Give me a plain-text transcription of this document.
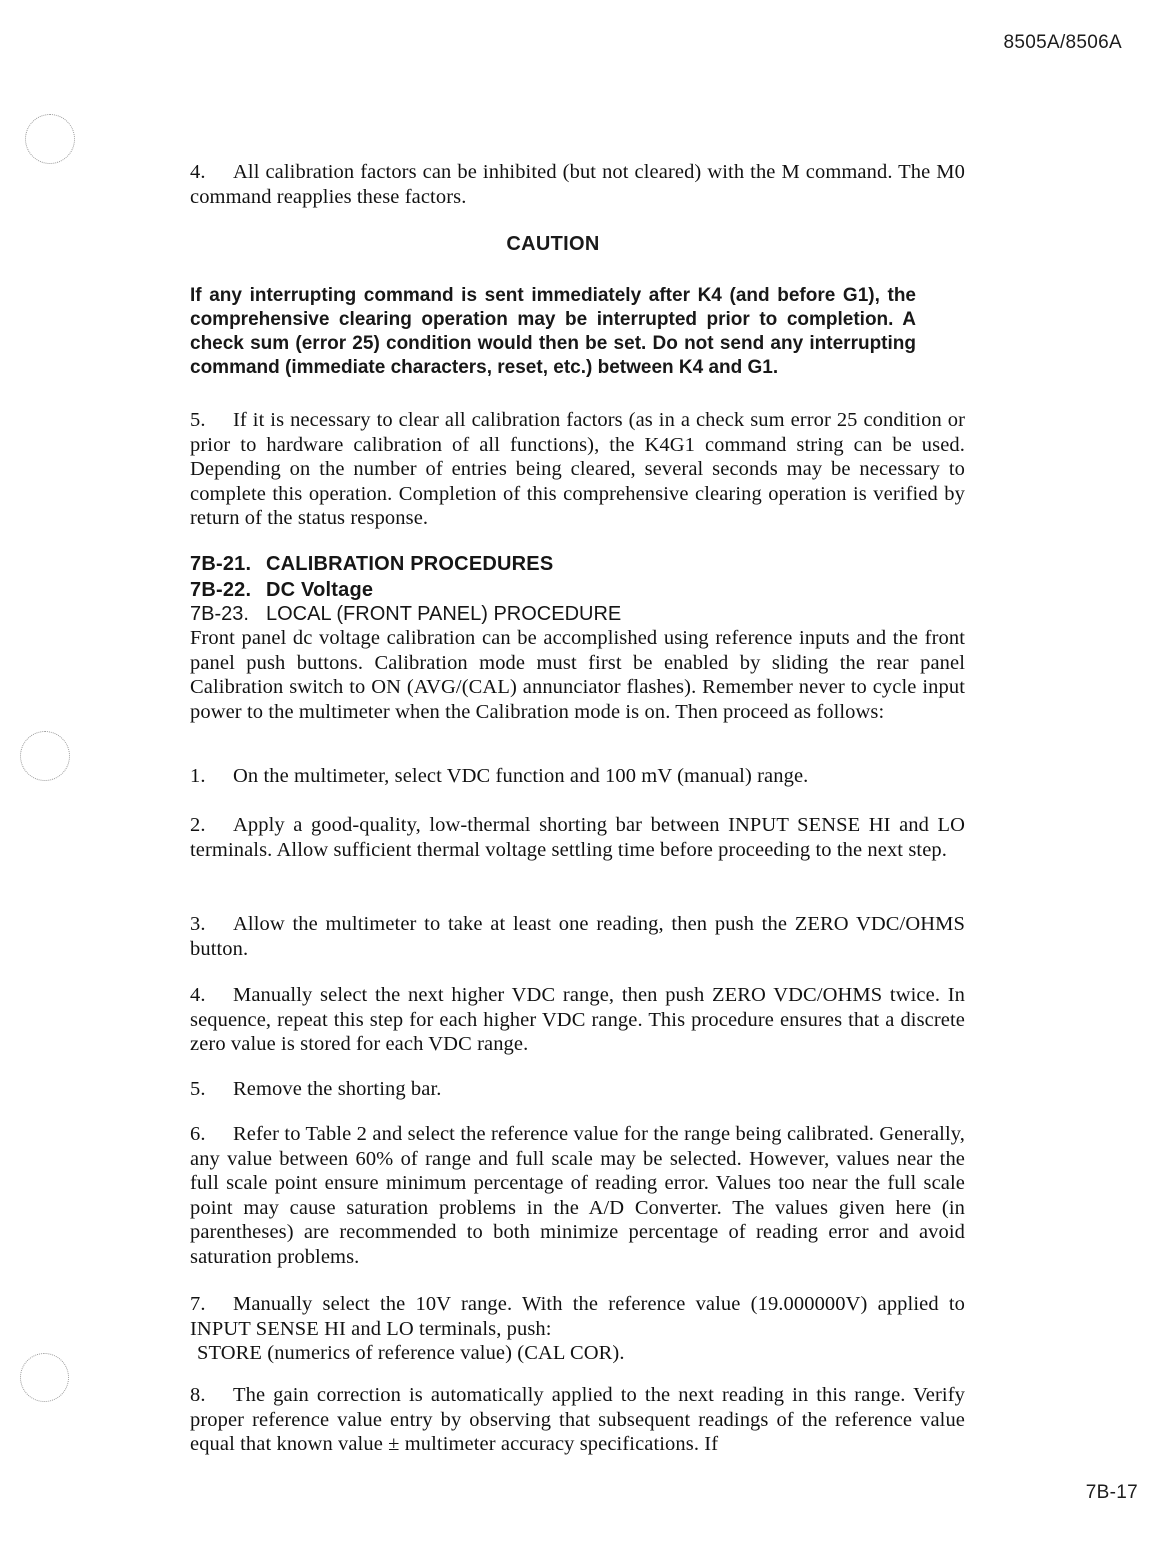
8505A/8506A
4. All calibration factors can be inhibited (but not cleared) with the M command. The M0 command reapplies these factors.
CAUTION
If any interrupting command is sent immediately after K4 (and before G1), the comprehensive clearing operation may be interrupted prior to completion. A check sum (error 25) condition would then be set. Do not send any interrupting command (immediate characters, reset, etc.) between K4 and G1.
5. If it is necessary to clear all calibration factors (as in a check sum error 25 condition or prior to hardware calibration of all functions), the K4G1 command string can be used. Depending on the number of entries being cleared, several seconds may be necessary to complete this operation. Completion of this comprehensive clearing operation is verified by return of the status response.
7B-21. CALIBRATION PROCEDURES
7B-22. DC Voltage
7B-23. LOCAL (FRONT PANEL) PROCEDURE
Front panel dc voltage calibration can be accomplished using reference inputs and the front panel push buttons. Calibration mode must first be enabled by sliding the rear panel Calibration switch to ON (AVG/(CAL) annunciator flashes). Remember never to cycle input power to the multimeter when the Calibration mode is on. Then proceed as follows:
1. On the multimeter, select VDC function and 100 mV (manual) range.
2. Apply a good-quality, low-thermal shorting bar between INPUT SENSE HI and LO terminals. Allow sufficient thermal voltage settling time before proceeding to the next step.
3. Allow the multimeter to take at least one reading, then push the ZERO VDC/OHMS button.
4. Manually select the next higher VDC range, then push ZERO VDC/OHMS twice. In sequence, repeat this step for each higher VDC range. This procedure ensures that a discrete zero value is stored for each VDC range.
5. Remove the shorting bar.
6. Refer to Table 2 and select the reference value for the range being calibrated. Generally, any value between 60% of range and full scale may be selected. However, values near the full scale point ensure minimum percentage of reading error. Values too near the full scale point may cause saturation problems in the A/D Converter. The values given here (in parentheses) are recommended to both minimize percentage of reading error and avoid saturation problems.
7. Manually select the 10V range. With the reference value (19.000000V) applied to INPUT SENSE HI and LO terminals, push:
STORE (numerics of reference value) (CAL COR).
8. The gain correction is automatically applied to the next reading in this range. Verify proper reference value entry by observing that subsequent readings of the reference value equal that known value ± multimeter accuracy specifications. If
7B-17
